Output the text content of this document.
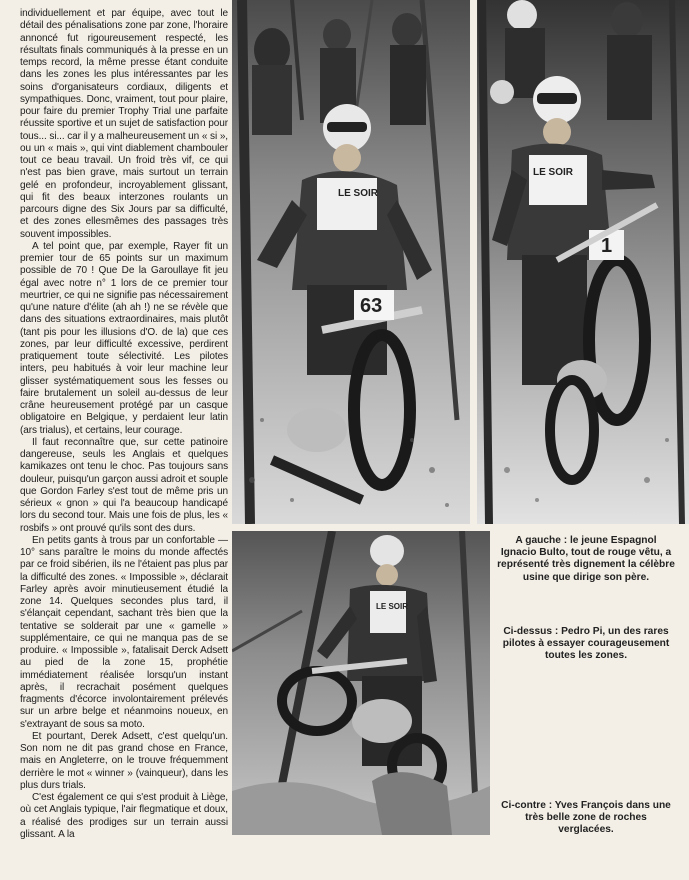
individuellement et par équipe, avec tout le détail des pénalisations zone par zone, l'horaire annoncé fut rigoureusement respecté, les résultats finals communiqués à la presse en un temps record, la même presse étant conduite dans les zones les plus intéressantes par les soins d'organisateurs cordiaux, diligents et sympathiques. Donc, vraiment, tout pour plaire, pour faire du premier Trophy Trial une parfaite réussite sportive et un sujet de satisfaction pour tous... si... car il y a malheureusement un « si », ou un « mais », qui vint diablement chambouler tout ce beau travail. Un froid très vif, ce qui n'est pas bien grave, mais surtout un terrain gelé en profondeur, incroyablement glissant, qui fit des beaux interzones roulants un parcours digne des Six Jours par sa difficulté, et des zones ellesmêmes des passages très souvent impossibles.

A tel point que, par exemple, Rayer fit un premier tour de 65 points sur un maximum possible de 70 ! Que De la Garoullaye fit jeu égal avec notre n° 1 lors de ce premier tour meurtrier, ce qui ne signifie pas nécessairement qu'une nature d'élite (ah ah !) ne se révèle que dans des situations extraordinaires, mais plutôt (tant pis pour les illusions d'O. de la) que ces zones, par leur difficulté excessive, perdirent pratiquement toute sélectivité. Les pilotes inters, peu habitués à voir leur machine leur glisser systématiquement sous les fesses ou faire brutalement un soleil au-dessus de leur crâne heureusement protégé par un casque obligatoire en Belgique, y perdaient leur latin (ars trialus), et certains, leur courage.

Il faut reconnaître que, sur cette patinoire dangereuse, seuls les Anglais et quelques kamikazes ont tenu le choc. Pas toujours sans douleur, puisqu'un garçon aussi adroit et souple que Gordon Farley s'est tout de même pris un sérieux « gnon » qui l'a beaucoup handicapé lors du second tour. Mais une fois de plus, les « rosbifs » ont prouvé qu'ils sont des durs.

En petits gants à trous par un confortable — 10° sans paraître le moins du monde affectés par ce froid sibérien, ils ne l'étaient pas plus par la difficulté des zones. « Impossible », déclarait Farley après avoir minutieusement étudié la zone 14. Quelques secondes plus tard, il s'élançait cependant, sachant très bien que la tentative se solderait par une « gamelle » supplémentaire, ce qui ne manqua pas de se produire. « Impossible », fatalisait Derck Adsett au pied de la zone 15, prophétie immédiatement réalisée lorsqu'un instant après, il recrachait posément quelques fragments d'écorce involontairement prélevés sur un arbre belge et néanmoins noueux, en s'extrayant de sous sa moto.

Et pourtant, Derek Adsett, c'est quelqu'un. Son nom ne dit pas grand chose en France, mais en Angleterre, on le trouve fréquemment derrière le mot « winner » (vainqueur), dans les plus durs trials.

C'est également ce qui s'est produit à Liège, où cet Anglais typique, l'air flegmatique et doux, a réalisé des prodiges sur un terrain aussi glissant. A la

LE SOIR
63
LE SOIR
1
LE SOIR
A gauche : le jeune Espagnol Ignacio Bulto, tout de rouge vêtu, a représenté très dignement la célèbre usine que dirige son père.
Ci-dessus : Pedro Pi, un des rares pilotes à essayer courageusement toutes les zones.
Ci-contre : Yves François dans une très belle zone de roches verglacées.
